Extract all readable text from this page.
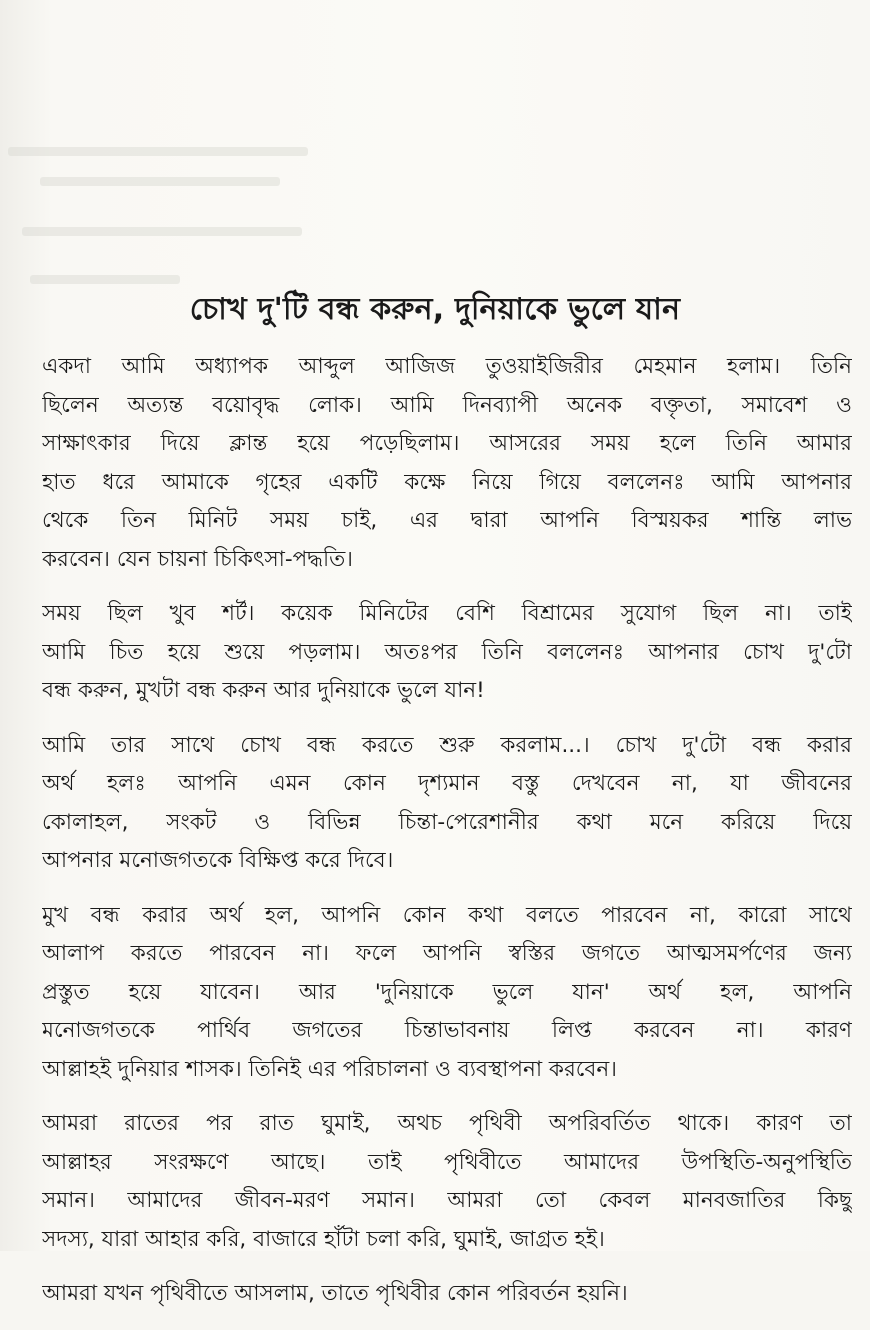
চোখ দু'টি বন্ধ করুন, দুনিয়াকে ভুলে যান
একদা আমি অধ্যাপক আব্দুল আজিজ তুওয়াইজিরীর মেহমান হলাম। তিনি
ছিলেন অত্যন্ত বয়োবৃদ্ধ লোক। আমি দিনব্যাপী অনেক বক্তৃতা, সমাবেশ ও
সাক্ষাৎকার দিয়ে ক্লান্ত হয়ে পড়েছিলাম। আসরের সময় হলে তিনি আমার
হাত ধরে আমাকে গৃহের একটি কক্ষে নিয়ে গিয়ে বললেনঃ আমি আপনার
থেকে তিন মিনিট সময় চাই, এর দ্বারা আপনি বিস্ময়কর শান্তি লাভ
করবেন। যেন চায়না চিকিৎসা-পদ্ধতি।
সময় ছিল খুব শর্ট। কয়েক মিনিটের বেশি বিশ্রামের সুযোগ ছিল না। তাই
আমি চিত হয়ে শুয়ে পড়লাম। অতঃপর তিনি বললেনঃ আপনার চোখ দু'টো
বন্ধ করুন, মুখটা বন্ধ করুন আর দুনিয়াকে ভুলে যান!
আমি তার সাথে চোখ বন্ধ করতে শুরু করলাম...। চোখ দু'টো বন্ধ করার
অর্থ হলঃ আপনি এমন কোন দৃশ্যমান বস্তু দেখবেন না, যা জীবনের
কোলাহল, সংকট ও বিভিন্ন চিন্তা-পেরেশানীর কথা মনে করিয়ে দিয়ে
আপনার মনোজগতকে বিক্ষিপ্ত করে দিবে।
মুখ বন্ধ করার অর্থ হল, আপনি কোন কথা বলতে পারবেন না, কারো সাথে
আলাপ করতে পারবেন না। ফলে আপনি স্বস্তির জগতে আত্মসমর্পণের জন্য
প্রস্তুত হয়ে যাবেন। আর 'দুনিয়াকে ভুলে যান' অর্থ হল, আপনি
মনোজগতকে পার্থিব জগতের চিন্তাভাবনায় লিপ্ত করবেন না। কারণ
আল্লাহই দুনিয়ার শাসক। তিনিই এর পরিচালনা ও ব্যবস্থাপনা করবেন।
আমরা রাতের পর রাত ঘুমাই, অথচ পৃথিবী অপরিবর্তিত থাকে। কারণ তা
আল্লাহর সংরক্ষণে আছে। তাই পৃথিবীতে আমাদের উপস্থিতি-অনুপস্থিতি
সমান। আমাদের জীবন-মরণ সমান। আমরা তো কেবল মানবজাতির কিছু
সদস্য, যারা আহার করি, বাজারে হাঁটা চলা করি, ঘুমাই, জাগ্রত হই।
আমরা যখন পৃথিবীতে আসলাম, তাতে পৃথিবীর কোন পরিবর্তন হয়নি।
